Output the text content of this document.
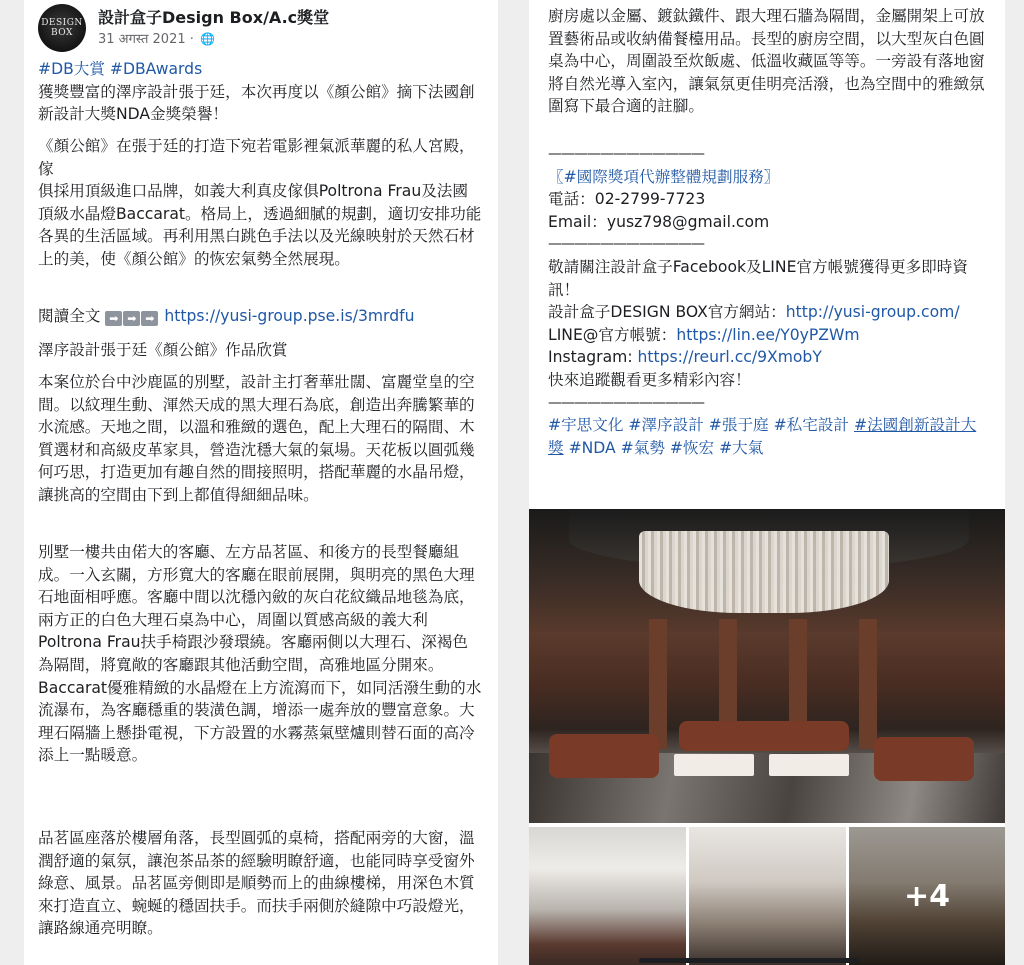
DESIGN
BOX
設計盒子Design Box/A.c獎堂
31 अगस्त 2021 · 🌐

#DB大賞 #DBAwards

獲獎豐富的澤序設計張于廷，本次再度以《顏公館》摘下法國創新設計大獎NDA金獎榮譽！

《顏公館》在張于廷的打造下宛若電影裡氣派華麗的私人宮殿，傢

俱採用頂級進口品牌，如義大利真皮傢俱Poltrona Frau及法國頂級水晶燈Baccarat。格局上，透過細膩的規劃，適切安排功能各異的生活區域。再利用黑白跳色手法以及光線映射於天然石材上的美，使《顏公館》的恢宏氣勢全然展現。

閱讀全文 ➡ ➡ ➡ https://yusi-group.pse.is/3mrdfu

澤序設計張于廷《顏公館》作品欣賞

本案位於台中沙鹿區的別墅，設計主打奢華壯闊、富麗堂皇的空間。以紋理生動、渾然天成的黑大理石為底，創造出奔騰繁華的水流感。天地之間，以溫和雅緻的選色，配上大理石的隔間、木質選材和高級皮革家具，營造沈穩大氣的氣場。天花板以圓弧幾何巧思，打造更加有趣自然的間接照明，搭配華麗的水晶吊燈，讓挑高的空間由下到上都值得細細品味。

別墅一樓共由偌大的客廳、左方品茗區、和後方的長型餐廳組成。一入玄關，方形寬大的客廳在眼前展開，與明亮的黑色大理石地面相呼應。客廳中間以沈穩內斂的灰白花紋織品地毯為底，兩方正的白色大理石桌為中心，周圍以質感高級的義大利Poltrona Frau扶手椅跟沙發環繞。客廳兩側以大理石、深褐色為隔間，將寬敞的客廳跟其他活動空間，高雅地區分開來。Baccarat優雅精緻的水晶燈在上方流瀉而下，如同活潑生動的水流瀑布，為客廳穩重的裝潢色調，增添一處奔放的豐富意象。大理石隔牆上懸掛電視，下方設置的水霧蒸氣壁爐則替石面的高冷添上一點暖意。

品茗區座落於樓層角落，長型圓弧的桌椅，搭配兩旁的大窗，溫潤舒適的氣氛，讓泡茶品茶的經驗明瞭舒適，也能同時享受窗外綠意、風景。品茗區旁側即是順勢而上的曲線樓梯，用深色木質來打造直立、蜿蜒的穩固扶手。而扶手兩側於縫隙中巧設燈光，讓路線通亮明瞭。

廚房處以金屬、鍍鈦鐵件、跟大理石牆為隔間，金屬開架上可放置藝術品或收納備餐檯用品。長型的廚房空間，以大型灰白色圓桌為中心，周圍設至炊飯處、低溫收藏區等等。一旁設有落地窗將自然光導入室內，讓氣氛更佳明亮活潑，也為空間中的雅緻氛圍寫下最合適的註腳。

————————————

〖#國際獎項代辦整體規劃服務〗

電話：02-2799-7723

Email：yusz798@gmail.com

————————————

敬請關注設計盒子Facebook及LINE官方帳號獲得更多即時資訊！

設計盒子DESIGN BOX官方網站：http://yusi-group.com/

LINE@官方帳號：https://lin.ee/Y0yPZWm

Instagram: https://reurl.cc/9XmobY

快來追蹤觀看更多精彩內容！

————————————

#宇思文化 #澤序設計 #張于庭 #私宅設計 #法國創新設計大獎 #NDA #氣勢 #恢宏 #大氣

+4
